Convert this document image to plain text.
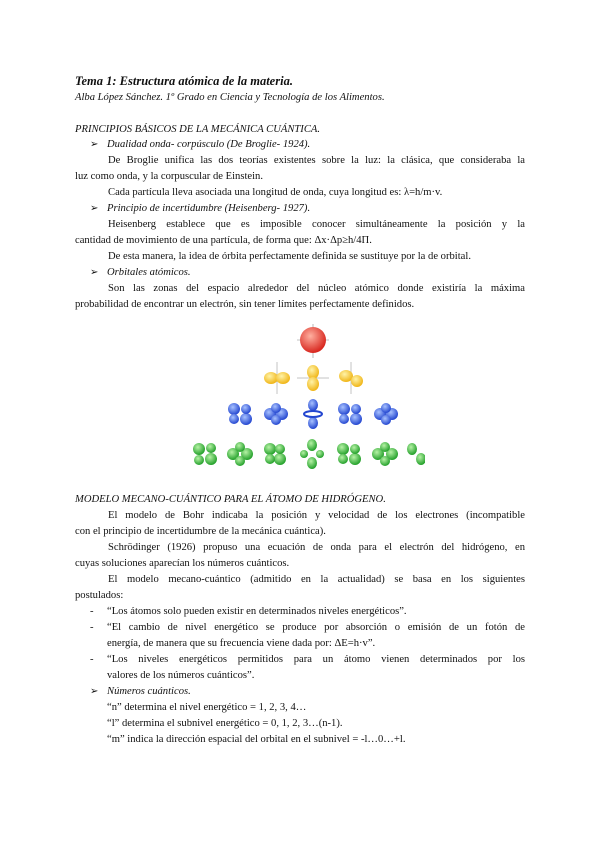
Tema 1: Estructura atómica de la materia.
Alba López Sánchez. 1º Grado en Ciencia y Tecnología de los Alimentos.
PRINCIPIOS BÁSICOS DE LA MECÁNICA CUÁNTICA.
➢ Dualidad onda- corpúsculo (De Broglie- 1924).
De Broglie unifica las dos teorías existentes sobre la luz: la clásica, que consideraba la
luz como onda, y la corpuscular de Einstein.
Cada partícula lleva asociada una longitud de onda, cuya longitud es: λ=h/m·v.
➢ Principio de incertidumbre (Heisenberg- 1927).
Heisenberg establece que es imposible conocer simultáneamente la posición y la
cantidad de movimiento de una partícula, de forma que: Δx·Δp≥h/4Π.
De esta manera, la idea de órbita perfectamente definida se sustituye por la de orbital.
➢ Orbitales atómicos.
Son las zonas del espacio alrededor del núcleo atómico donde existiría la máxima
probabilidad de encontrar un electrón, sin tener límites perfectamente definidos.
MODELO MECANO-CUÁNTICO PARA EL ÁTOMO DE HIDRÓGENO.
El modelo de Bohr indicaba la posición y velocidad de los electrones (incompatible
con el principio de incertidumbre de la mecánica cuántica).
Schrödinger (1926) propuso una ecuación de onda para el electrón del hidrógeno, en
cuyas soluciones aparecían los números cuánticos.
El modelo mecano-cuántico (admitido en la actualidad) se basa en los siguientes
postulados:
- “Los átomos solo pueden existir en determinados niveles energéticos”.
-	“El cambio de nivel energético se produce por absorción o emisión de un fotón de
energía, de manera que su frecuencia viene dada por: ΔE=h·v”.
-	“Los niveles energéticos permitidos para un átomo vienen determinados por los
valores de los números cuánticos”.
➢ Números cuánticos.
“n” determina el nivel energético = 1, 2, 3, 4…
“l” determina el subnivel energético = 0, 1, 2, 3…(n-1).
“m” indica la dirección espacial del orbital en el subnivel = -l…0…+l.
